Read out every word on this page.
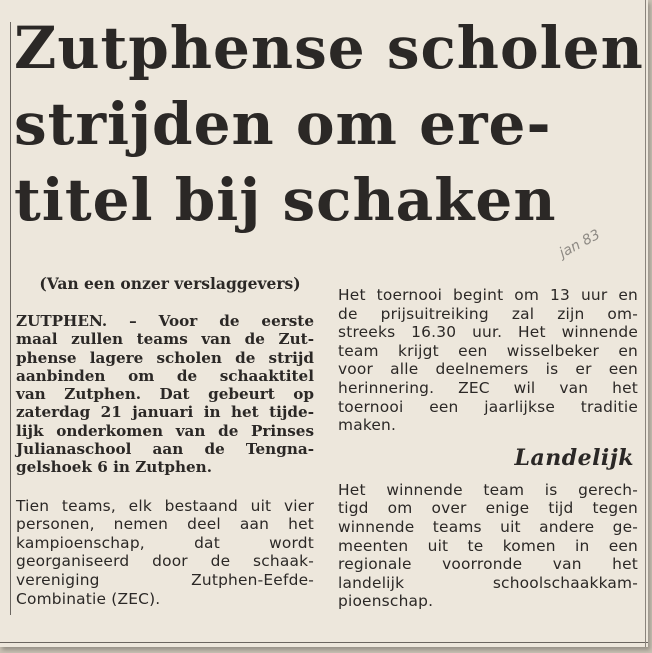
Zutphense scholen
strijden om ere-
titel bij schaken
jan 83

(Van een onzer verslaggevers)

ZUTPHEN. – Voor de eerste
maal zullen teams van de Zut-
phense lagere scholen de strijd
aanbinden om de schaaktitel
van Zutphen. Dat gebeurt op
zaterdag 21 januari in het tijde-
lijk onderkomen van de Prinses
Julianaschool aan de Tengna-
gelshoek 6 in Zutphen.

Tien teams, elk bestaand uit vier
personen, nemen deel aan het
kampioenschap, dat wordt
georganiseerd door de schaak-
vereniging Zutphen-Eefde-
Combinatie (ZEC).

Het toernooi begint om 13 uur en
de prijsuitreiking zal zijn om-
streeks 16.30 uur. Het winnende
team krijgt een wisselbeker en
voor alle deelnemers is er een
herinnering. ZEC wil van het
toernooi een jaarlijkse traditie
maken.

Landelijk

Het winnende team is gerech-
tigd om over enige tijd tegen
winnende teams uit andere ge-
meenten uit te komen in een
regionale voorronde van het
landelijk schoolschaakkam-
pioenschap.
